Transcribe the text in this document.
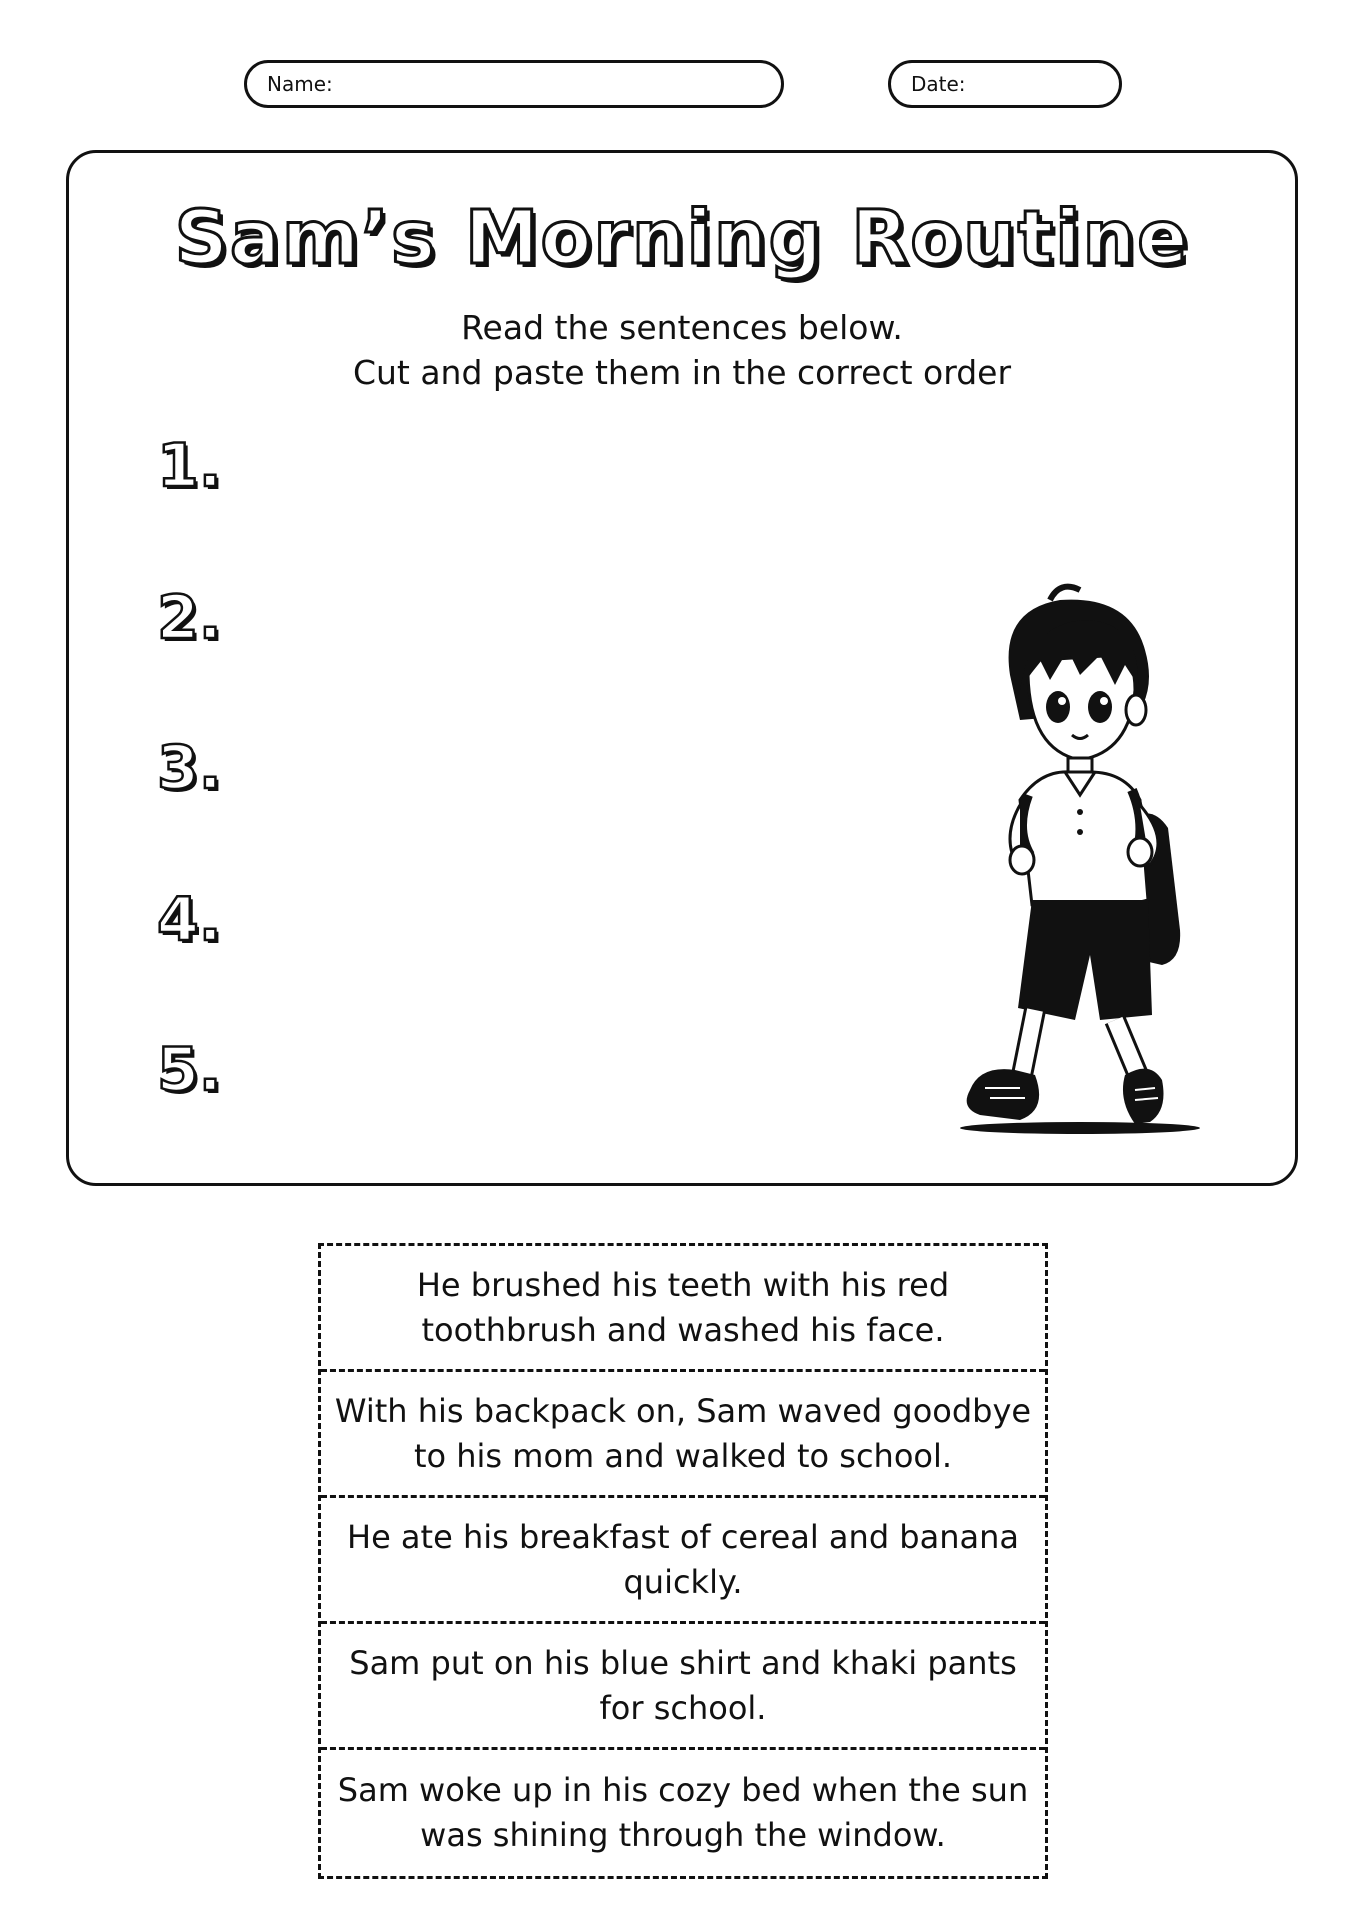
Name:	Date:
Sam’s Morning Routine
Read the sentences below.
Cut and paste them in the correct order
1.
2.
3.
4.
5.
He brushed his teeth with his red toothbrush and washed his face.
With his backpack on, Sam waved goodbye to his mom and walked to school.
He ate his breakfast of cereal and banana quickly.
Sam put on his blue shirt and khaki pants for school.
Sam woke up in his cozy bed when the sun was shining through the window.
